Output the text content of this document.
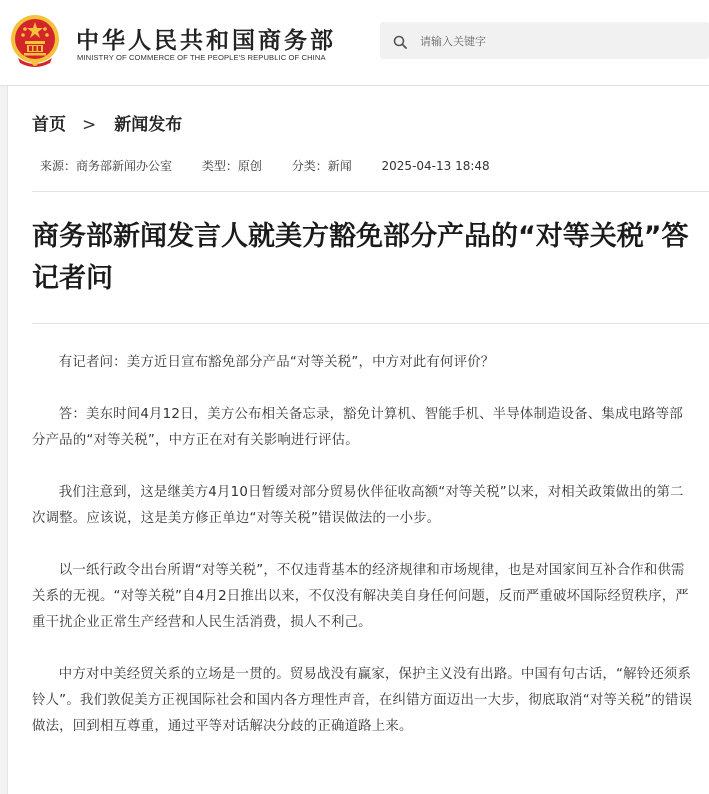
中华人民共和国商务部
MINISTRY OF COMMERCE OF THE PEOPLE'S REPUBLIC OF CHINA
请输入关键字
首页 > 新闻发布
来源：商务部新闻办公室 类型：原创 分类：新闻 2025-04-13 18:48
商务部新闻发言人就美方豁免部分产品的“对等关税”答记者问

有记者问：美方近日宣布豁免部分产品“对等关税”，中方对此有何评价？

答：美东时间4月12日，美方公布相关备忘录，豁免计算机、智能手机、半导体制造设备、集成电路等部分产品的“对等关税”，中方正在对有关影响进行评估。

我们注意到，这是继美方4月10日暂缓对部分贸易伙伴征收高额“对等关税”以来，对相关政策做出的第二次调整。应该说，这是美方修正单边“对等关税”错误做法的一小步。

以一纸行政令出台所谓“对等关税”，不仅违背基本的经济规律和市场规律，也是对国家间互补合作和供需关系的无视。“对等关税”自4月2日推出以来，不仅没有解决美自身任何问题，反而严重破坏国际经贸秩序，严重干扰企业正常生产经营和人民生活消费，损人不利己。

中方对中美经贸关系的立场是一贯的。贸易战没有赢家，保护主义没有出路。中国有句古话，“解铃还须系铃人”。我们敦促美方正视国际社会和国内各方理性声音，在纠错方面迈出一大步，彻底取消“对等关税”的错误做法，回到相互尊重，通过平等对话解决分歧的正确道路上来。
